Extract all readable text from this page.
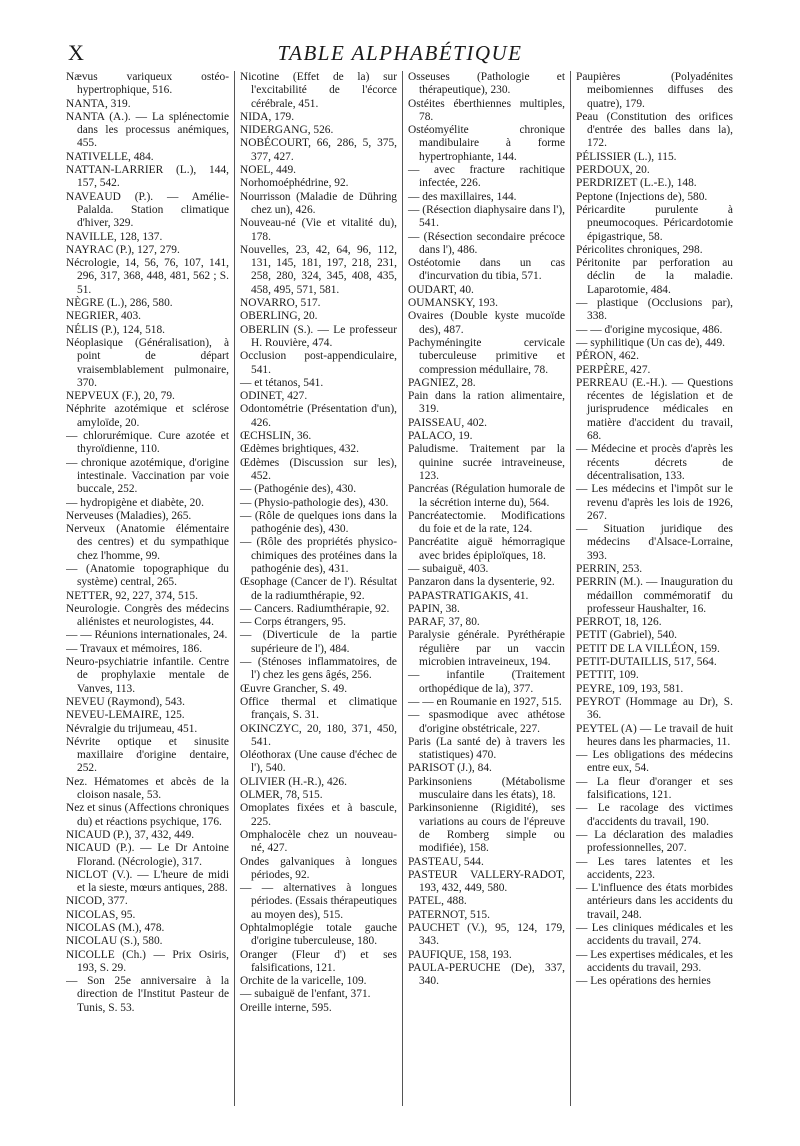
X	TABLE ALPHABÉTIQUE
Nævus variqueux ostéo-hypertrophique, 516.
NANTA, 319.
NANTA (A.). — La splénectomie dans les processus anémiques, 455.
NATIVELLE, 484.
NATTAN-LARRIER (L.), 144, 157, 542.
NAVEAUD (P.). — Amélie-Palalda. Station climatique d'hiver, 329.
NAVILLE, 128, 137.
NAYRAC (P.), 127, 279.
Nécrologie, 14, 56, 76, 107, 141, 296, 317, 368, 448, 481, 562 ; S. 51.
NÈGRE (L.), 286, 580.
NEGRIER, 403.
NÉLIS (P.), 124, 518.
Néoplasique (Généralisation), à point de départ vraisemblablement pulmonaire, 370.
NEPVEUX (F.), 20, 79.
Néphrite azotémique et sclérose amyloïde, 20.
— chlorurémique. Cure azotée et thyroïdienne, 110.
— chronique azotémique, d'origine intestinale. Vaccination par voie buccale, 252.
— hydropigène et diabète, 20.
Nerveuses (Maladies), 265.
Nerveux (Anatomie élémentaire des centres) et du sympathique chez l'homme, 99.
— (Anatomie topographique du système) central, 265.
NETTER, 92, 227, 374, 515.
Neurologie. Congrès des médecins aliénistes et neurologistes, 44.
— — Réunions internationales, 24.
— Travaux et mémoires, 186.
Neuro-psychiatrie infantile. Centre de prophylaxie mentale de Vanves, 113.
NEVEU (Raymond), 543.
NEVEU-LEMAIRE, 125.
Névralgie du trijumeau, 451.
Névrite optique et sinusite maxillaire d'origine dentaire, 252.
Nez. Hématomes et abcès de la cloison nasale, 53.
Nez et sinus (Affections chroniques du) et réactions psychique, 176.
NICAUD (P.), 37, 432, 449.
NICAUD (P.). — Le Dr Antoine Florand. (Nécrologie), 317.
NICLOT (V.). — L'heure de midi et la sieste, mœurs antiques, 288.
NICOD, 377.
NICOLAS, 95.
NICOLAS (M.), 478.
NICOLAU (S.), 580.
NICOLLE (Ch.) — Prix Osiris, 193, S. 29.
— Son 25e anniversaire à la direction de l'Institut Pasteur de Tunis, S. 53.
Nicotine (Effet de la) sur l'excitabilité de l'écorce cérébrale, 451.
NIDA, 179.
NIDERGANG, 526.
NOBÉCOURT, 66, 286, 5, 375, 377, 427.
NOEL, 449.
Norhomoéphédrine, 92.
Nourrisson (Maladie de Dühring chez un), 426.
Nouveau-né (Vie et vitalité du), 178.
Nouvelles, 23, 42, 64, 96, 112, 131, 145, 181, 197, 218, 231, 258, 280, 324, 345, 408, 435, 458, 495, 571, 581.
NOVARRO, 517.
OBERLING, 20.
OBERLIN (S.). — Le professeur H. Rouvière, 474.
Occlusion post-appendiculaire, 541.
— et tétanos, 541.
ODINET, 427.
Odontométrie (Présentation d'un), 426.
ŒCHSLIN, 36.
Œdèmes brightiques, 432.
Œdèmes (Discussion sur les), 452.
— (Pathogénie des), 430.
— (Physio-pathologie des), 430.
— (Rôle de quelques ions dans la pathogénie des), 430.
— (Rôle des propriétés physico-chimiques des protéines dans la pathogénie des), 431.
Œsophage (Cancer de l'). Résultat de la radiumthérapie, 92.
— Cancers. Radiumthérapie, 92.
— Corps étrangers, 95.
— (Diverticule de la partie supérieure de l'), 484.
— (Sténoses inflammatoires, de l') chez les gens âgés, 256.
Œuvre Grancher, S. 49.
Office thermal et climatique français, S. 31.
OKINCZYC, 20, 180, 371, 450, 541.
Oléothorax (Une cause d'échec de l'), 540.
OLIVIER (H.-R.), 426.
OLMER, 78, 515.
Omoplates fixées et à bascule, 225.
Omphalocèle chez un nouveau-né, 427.
Ondes galvaniques à longues périodes, 92.
— — alternatives à longues périodes. (Essais thérapeutiques au moyen des), 515.
Ophtalmoplégie totale gauche d'origine tuberculeuse, 180.
Oranger (Fleur d') et ses falsifications, 121.
Orchite de la varicelle, 109.
— subaiguë de l'enfant, 371.
Oreille interne, 595.
Osseuses (Pathologie et thérapeutique), 230.
Ostéites éberthiennes multiples, 78.
Ostéomyélite chronique mandibulaire à forme hypertrophiante, 144.
— avec fracture rachitique infectée, 226.
— des maxillaires, 144.
— (Résection diaphysaire dans l'), 541.
— (Résection secondaire précoce dans l'), 486.
Ostéotomie dans un cas d'incurvation du tibia, 571.
OUDART, 40.
OUMANSKY, 193.
Ovaires (Double kyste mucoïde des), 487.
Pachyméningite cervicale tuberculeuse primitive et compression médullaire, 78.
PAGNIEZ, 28.
Pain dans la ration alimentaire, 319.
PAISSEAU, 402.
PALACO, 19.
Paludisme. Traitement par la quinine sucrée intraveineuse, 123.
Pancréas (Régulation humorale de la sécrétion interne du), 564.
Pancréatectomie. Modifications du foie et de la rate, 124.
Pancréatite aiguë hémorragique avec brides épiploïques, 18.
— subaiguë, 403.
Panzaron dans la dysenterie, 92.
PAPASTRATIGAKIS, 41.
PAPIN, 38.
PARAF, 37, 80.
Paralysie générale. Pyréthérapie régulière par un vaccin microbien intraveineux, 194.
— infantile (Traitement orthopédique de la), 377.
— — en Roumanie en 1927, 515.
— spasmodique avec athétose d'origine obstétricale, 227.
Paris (La santé de) à travers les statistiques) 470.
PARISOT (J.), 84.
Parkinsoniens (Métabolisme musculaire dans les états), 18.
Parkinsonienne (Rigidité), ses variations au cours de l'épreuve de Romberg simple ou modifiée), 158.
PASTEAU, 544.
PASTEUR VALLERY-RADOT, 193, 432, 449, 580.
PATEL, 488.
PATERNOT, 515.
PAUCHET (V.), 95, 124, 179, 343.
PAUFIQUE, 158, 193.
PAULA-PERUCHE (De), 337, 340.
Paupières (Polyadénites meibomiennes diffuses des quatre), 179.
Peau (Constitution des orifices d'entrée des balles dans la), 172.
PÉLISSIER (L.), 115.
PERDOUX, 20.
PERDRIZET (L.-E.), 148.
Peptone (Injections de), 580.
Péricardite purulente à pneumocoques. Péricardotomie épigastrique, 58.
Péricolites chroniques, 298.
Péritonite par perforation au déclin de la maladie. Laparotomie, 484.
— plastique (Occlusions par), 338.
— — d'origine mycosique, 486.
— syphilitique (Un cas de), 449.
PÉRON, 462.
PERPÈRE, 427.
PERREAU (E.-H.). — Questions récentes de législation et de jurisprudence médicales en matière d'accident du travail, 68.
— Médecine et procès d'après les récents décrets de décentralisation, 133.
— Les médecins et l'impôt sur le revenu d'après les lois de 1926, 267.
— Situation juridique des médecins d'Alsace-Lorraine, 393.
PERRIN, 253.
PERRIN (M.). — Inauguration du médaillon commémoratif du professeur Haushalter, 16.
PERROT, 18, 126.
PETIT (Gabriel), 540.
PETIT DE LA VILLÉON, 159.
PETIT-DUTAILLIS, 517, 564.
PETTIT, 109.
PEYRE, 109, 193, 581.
PEYROT (Hommage au Dr), S. 36.
PEYTEL (A) — Le travail de huit heures dans les pharmacies, 11.
— Les obligations des médecins entre eux, 54.
— La fleur d'oranger et ses falsifications, 121.
— Le racolage des victimes d'accidents du travail, 190.
— La déclaration des maladies professionnelles, 207.
— Les tares latentes et les accidents, 223.
— L'influence des états morbides antérieurs dans les accidents du travail, 248.
— Les cliniques médicales et les accidents du travail, 274.
— Les expertises médicales, et les accidents du travail, 293.
— Les opérations des hernies
